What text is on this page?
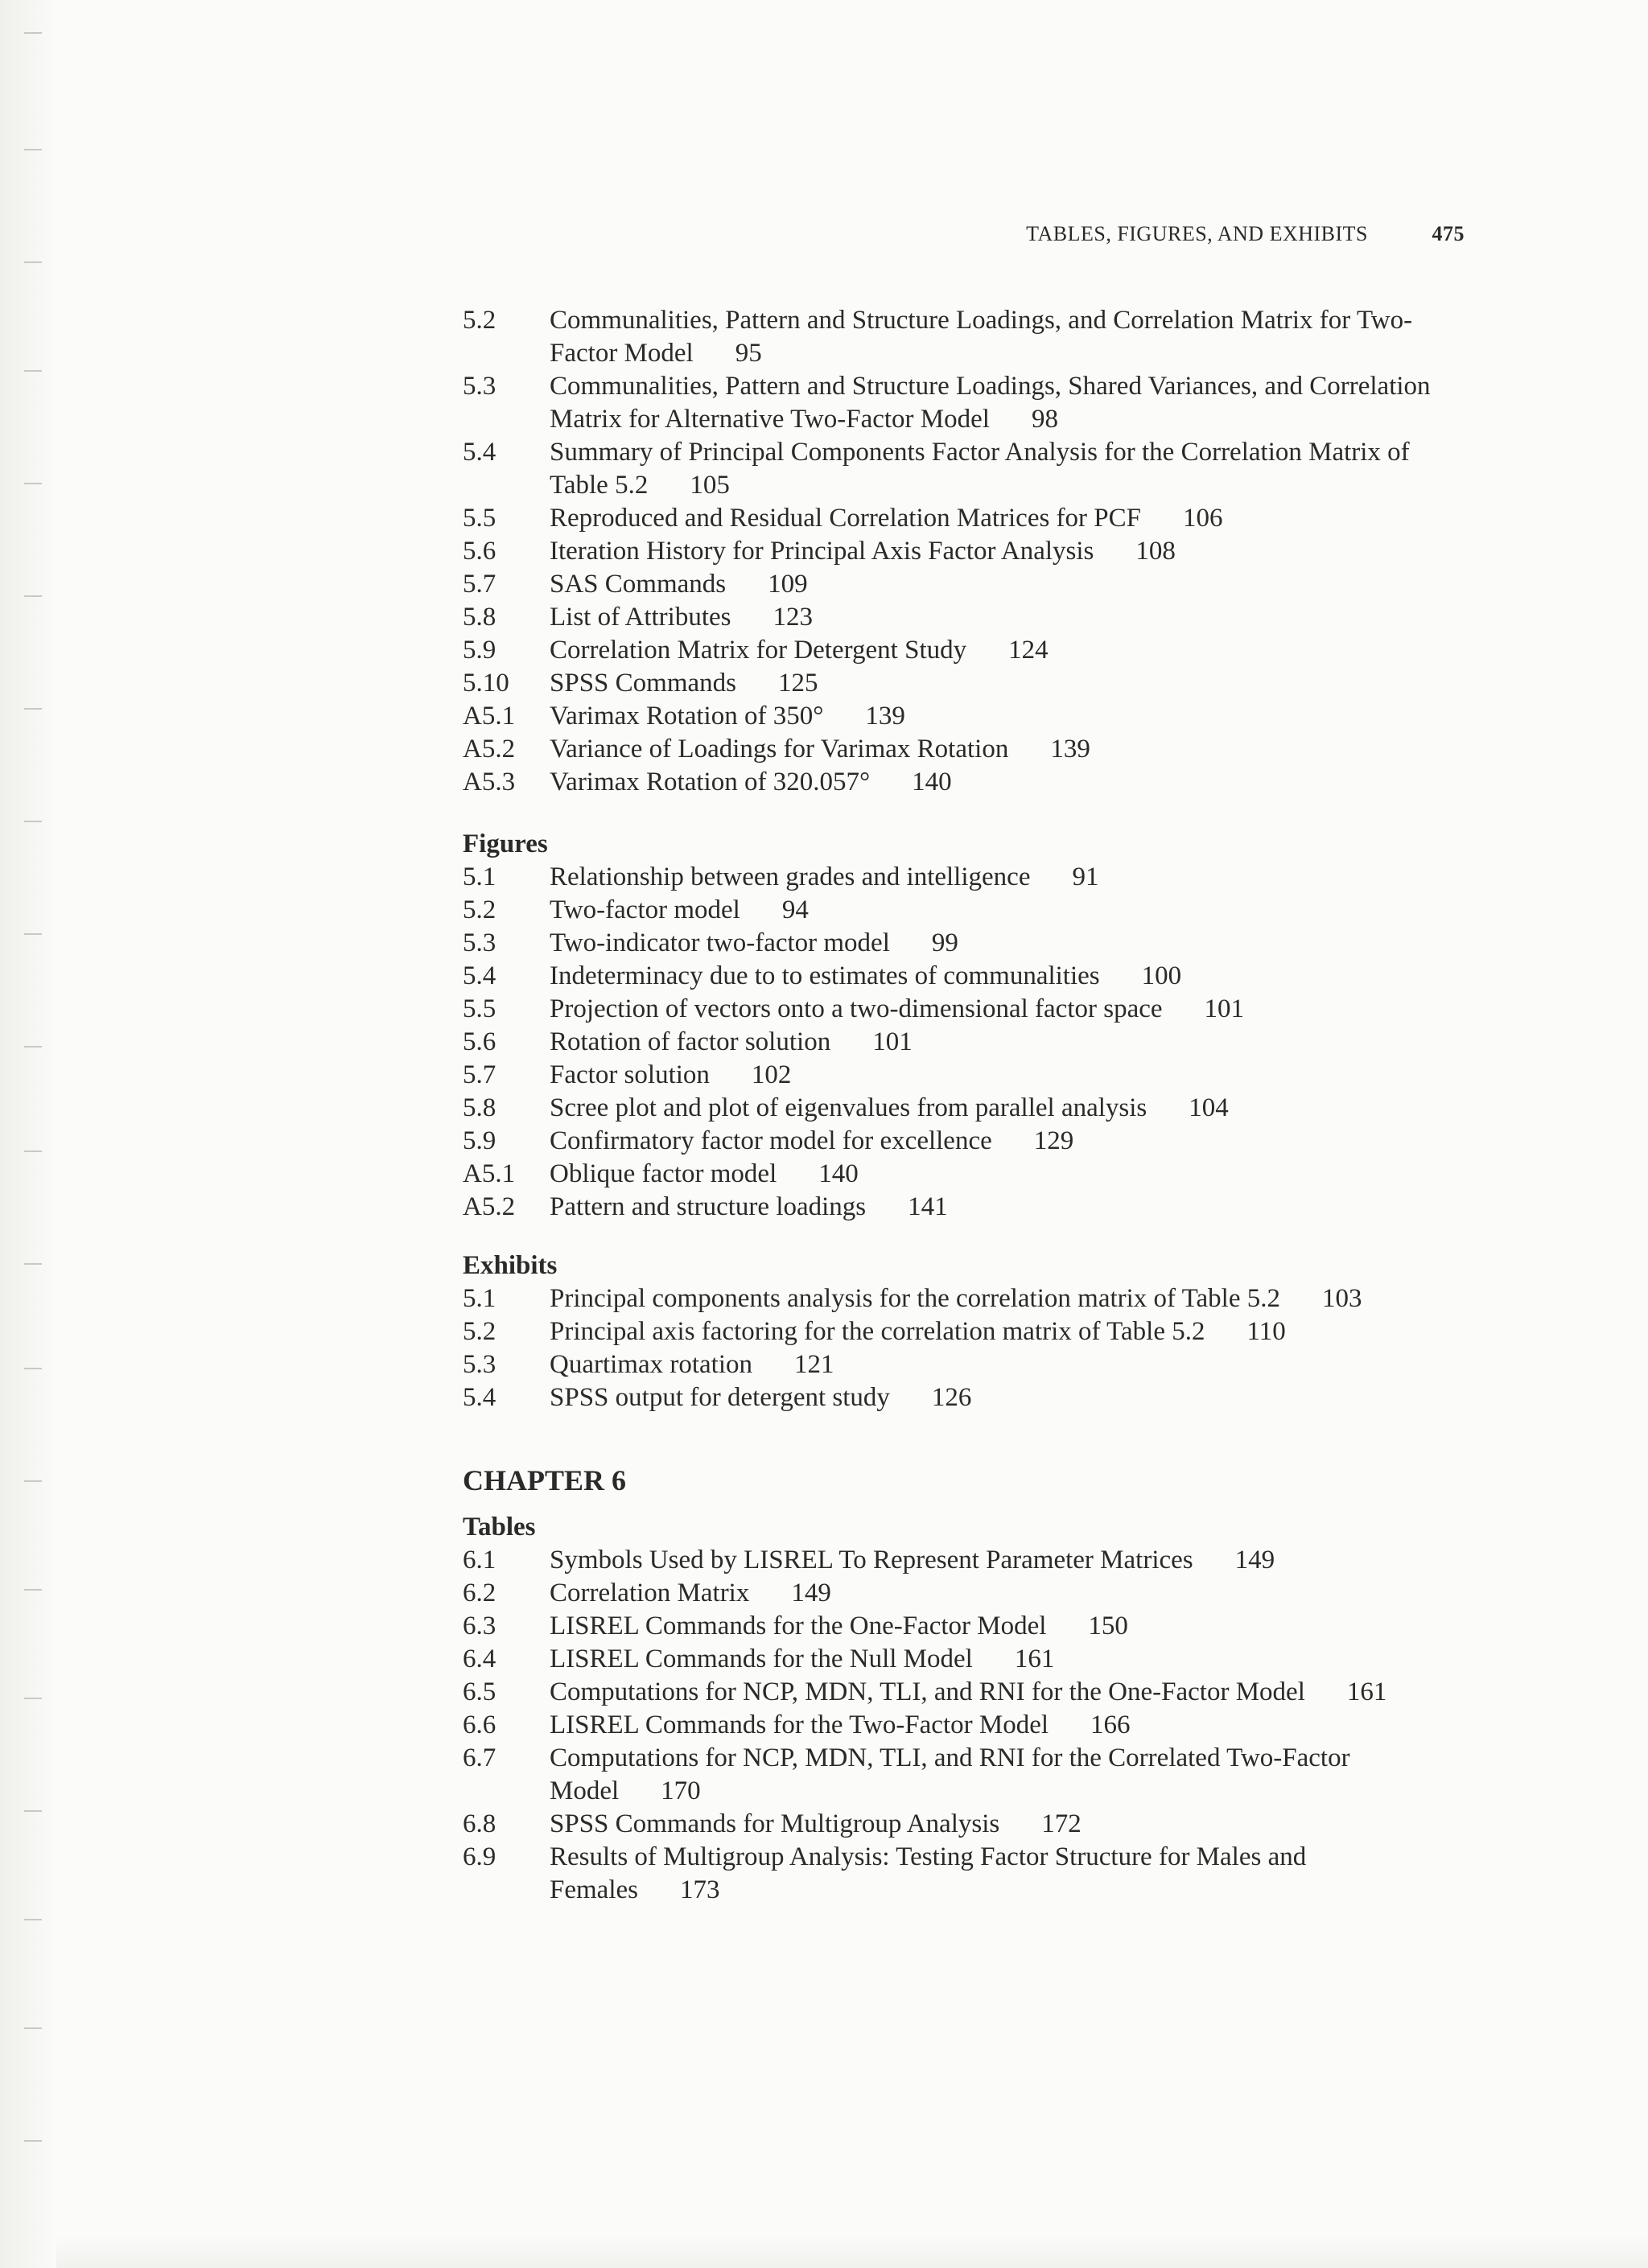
TABLES, FIGURES, AND EXHIBITS	475
5.2 Communalities, Pattern and Structure Loadings, and Correlation Matrix for Two-Factor Model 95
5.3 Communalities, Pattern and Structure Loadings, Shared Variances, and Correlation Matrix for Alternative Two-Factor Model 98
5.4 Summary of Principal Components Factor Analysis for the Correlation Matrix of Table 5.2 105
5.5 Reproduced and Residual Correlation Matrices for PCF 106
5.6 Iteration History for Principal Axis Factor Analysis 108
5.7 SAS Commands 109
5.8 List of Attributes 123
5.9 Correlation Matrix for Detergent Study 124
5.10 SPSS Commands 125
A5.1 Varimax Rotation of 350° 139
A5.2 Variance of Loadings for Varimax Rotation 139
A5.3 Varimax Rotation of 320.057° 140
Figures
5.1 Relationship between grades and intelligence 91
5.2 Two-factor model 94
5.3 Two-indicator two-factor model 99
5.4 Indeterminacy due to to estimates of communalities 100
5.5 Projection of vectors onto a two-dimensional factor space 101
5.6 Rotation of factor solution 101
5.7 Factor solution 102
5.8 Scree plot and plot of eigenvalues from parallel analysis 104
5.9 Confirmatory factor model for excellence 129
A5.1 Oblique factor model 140
A5.2 Pattern and structure loadings 141
Exhibits
5.1 Principal components analysis for the correlation matrix of Table 5.2 103
5.2 Principal axis factoring for the correlation matrix of Table 5.2 110
5.3 Quartimax rotation 121
5.4 SPSS output for detergent study 126
CHAPTER 6
Tables
6.1 Symbols Used by LISREL To Represent Parameter Matrices 149
6.2 Correlation Matrix 149
6.3 LISREL Commands for the One-Factor Model 150
6.4 LISREL Commands for the Null Model 161
6.5 Computations for NCP, MDN, TLI, and RNI for the One-Factor Model 161
6.6 LISREL Commands for the Two-Factor Model 166
6.7 Computations for NCP, MDN, TLI, and RNI for the Correlated Two-Factor Model 170
6.8 SPSS Commands for Multigroup Analysis 172
6.9 Results of Multigroup Analysis: Testing Factor Structure for Males and Females 173
